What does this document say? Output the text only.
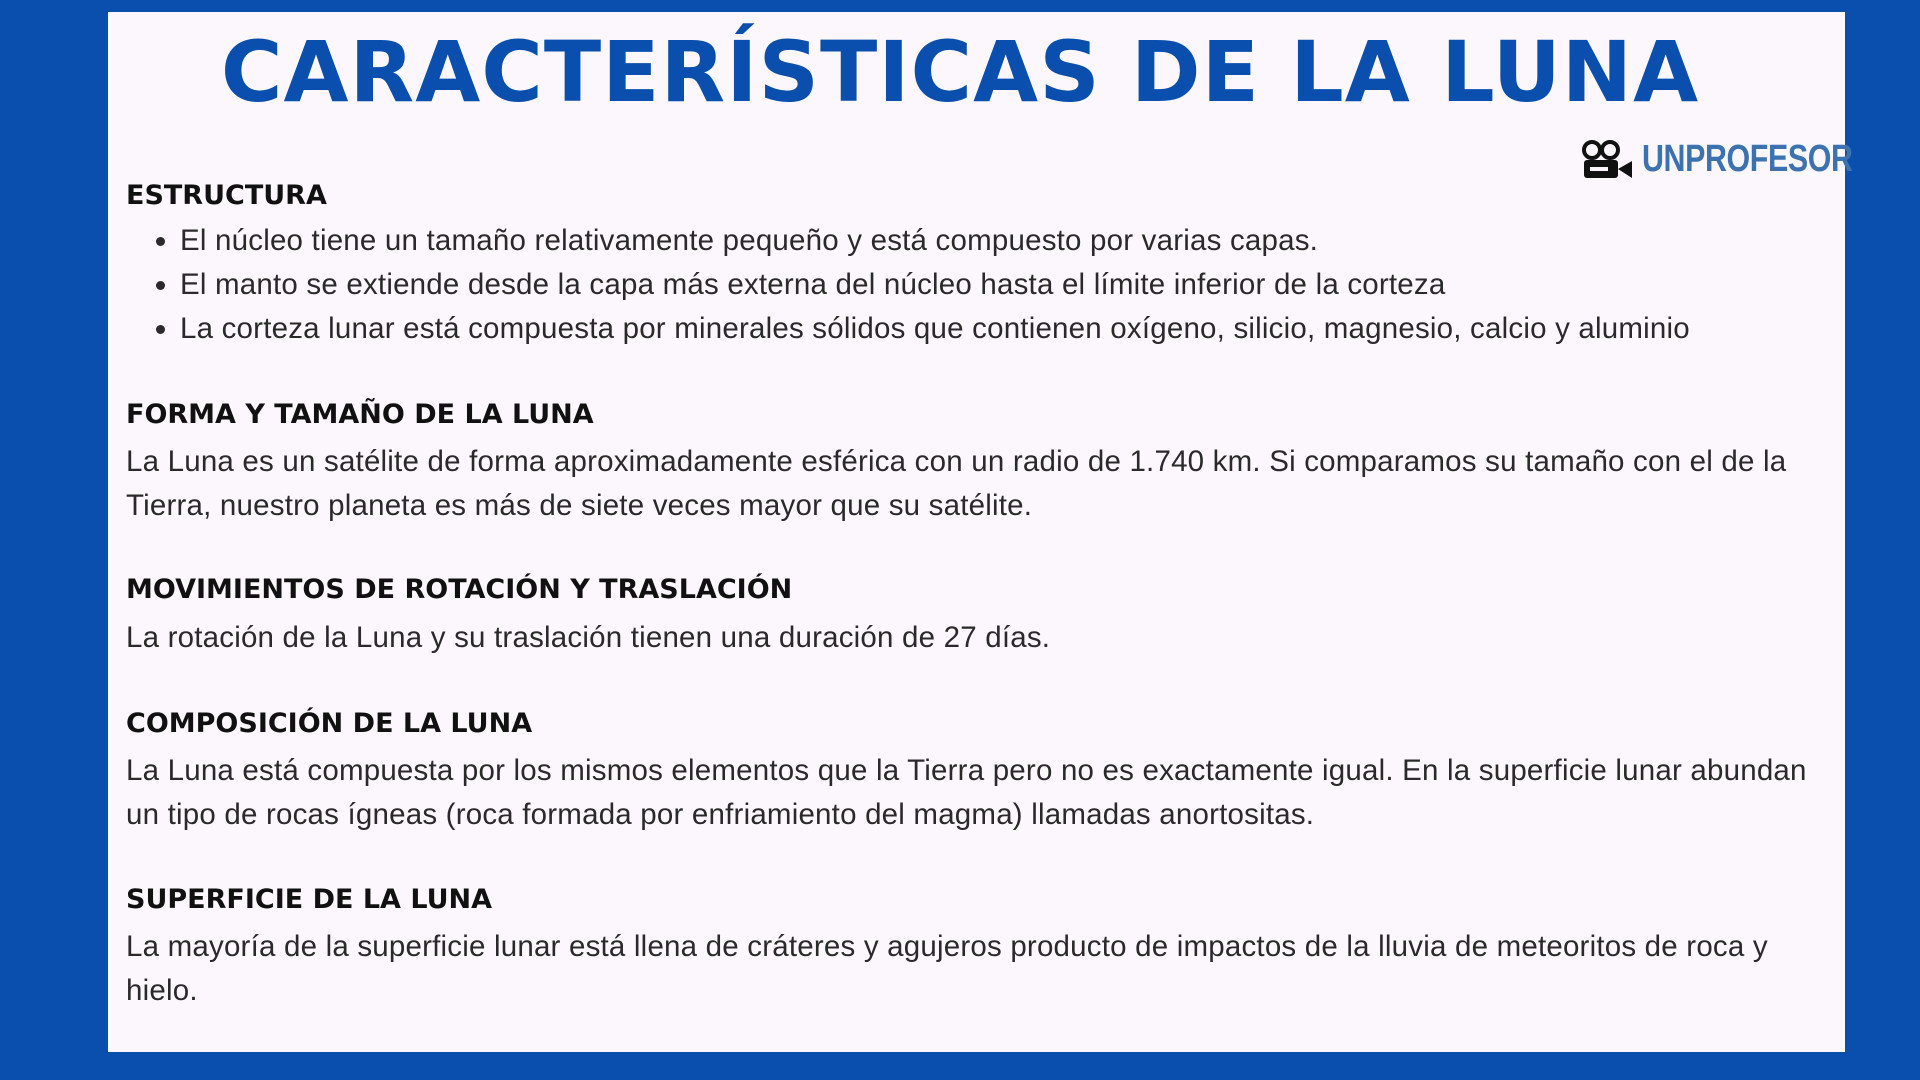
CARACTERÍSTICAS DE LA LUNA
UNPROFESOR
ESTRUCTURA
• El núcleo tiene un tamaño relativamente pequeño y está compuesto por varias capas.
• El manto se extiende desde la capa más externa del núcleo hasta el límite inferior de la corteza
• La corteza lunar está compuesta por minerales sólidos que contienen oxígeno, silicio, magnesio, calcio y aluminio
FORMA Y TAMAÑO DE LA LUNA

La Luna es un satélite de forma aproximadamente esférica con un radio de 1.740 km. Si comparamos su tamaño con el de la Tierra, nuestro planeta es más de siete veces mayor que su satélite.

MOVIMIENTOS DE ROTACIÓN Y TRASLACIÓN

La rotación de la Luna y su traslación tienen una duración de 27 días.

COMPOSICIÓN DE LA LUNA

La Luna está compuesta por los mismos elementos que la Tierra pero no es exactamente igual. En la superficie lunar abundan un tipo de rocas ígneas (roca formada por enfriamiento del magma) llamadas anortositas.

SUPERFICIE DE LA LUNA

La mayoría de la superficie lunar está llena de cráteres y agujeros producto de impactos de la lluvia de meteoritos de roca y hielo.
